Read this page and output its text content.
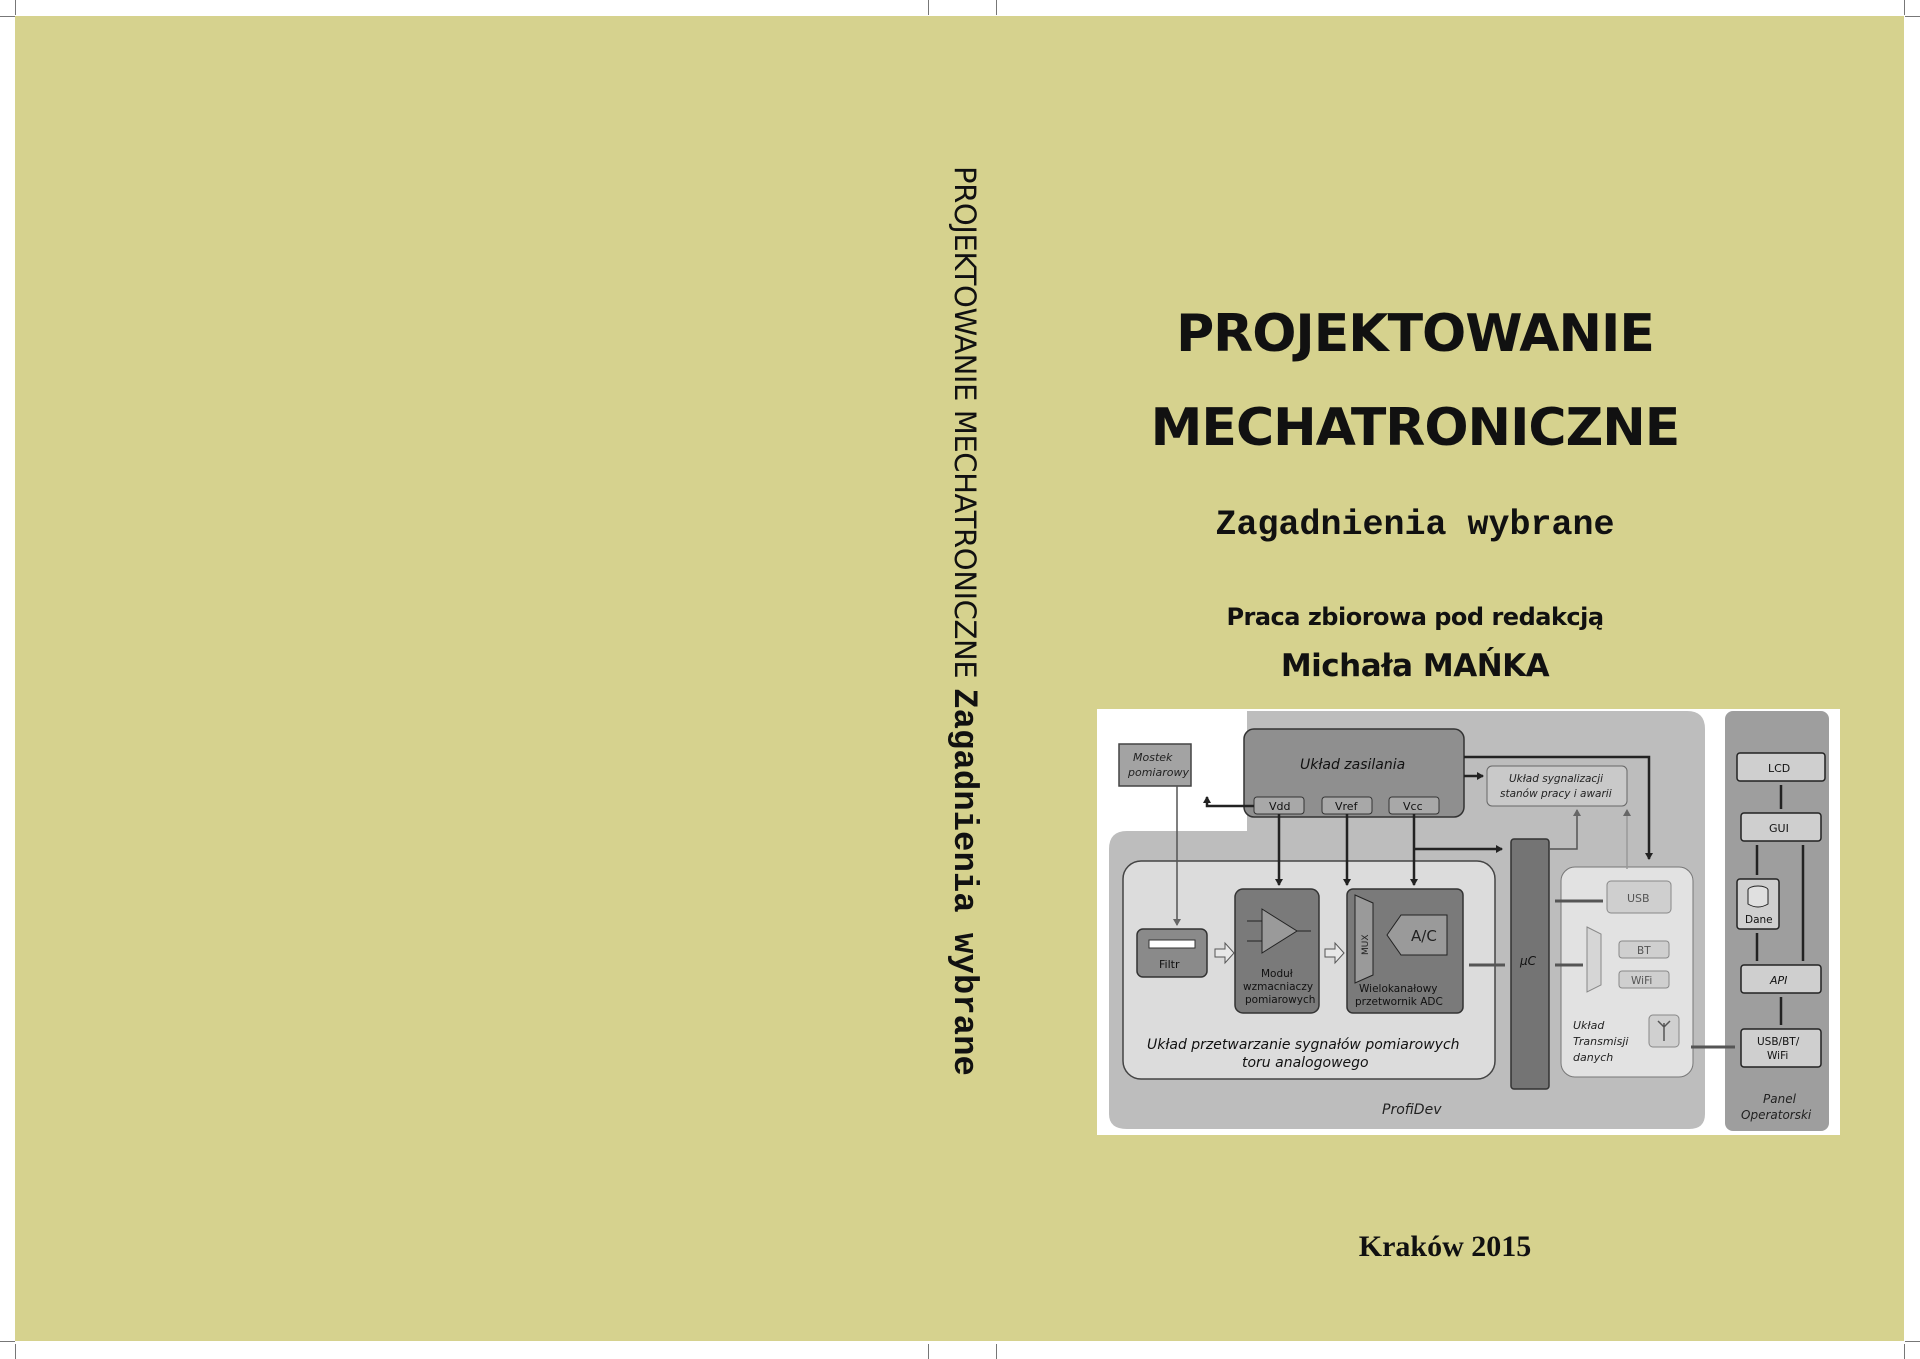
PROJEKTOWANIE MECHATRONICZNEZagadnienia wybrane
PROJEKTOWANIE
MECHATRONICZNE
Zagadnienia wybrane
Praca zbiorowa pod redakcją
Michała MAŃKA
ProfiDev
Panel
Operatorski
Mostek
pomiarowy	Układ zasilania
Vdd	Vref	Vcc
Układ sygnalizacji
stanów pracy i awarii
Układ przetwarzanie sygnałów pomiarowych
toru analogowego
Filtr
Moduł
wzmacniaczy
pomiarowych
MUX	A/C
Wielokanałowy
przetwornik ADC
μC
USB
BT
WiFi
Układ
Transmisji
danych
LCD
GUI
Dane
API
USB/BT/
WiFi
Kraków 2015
